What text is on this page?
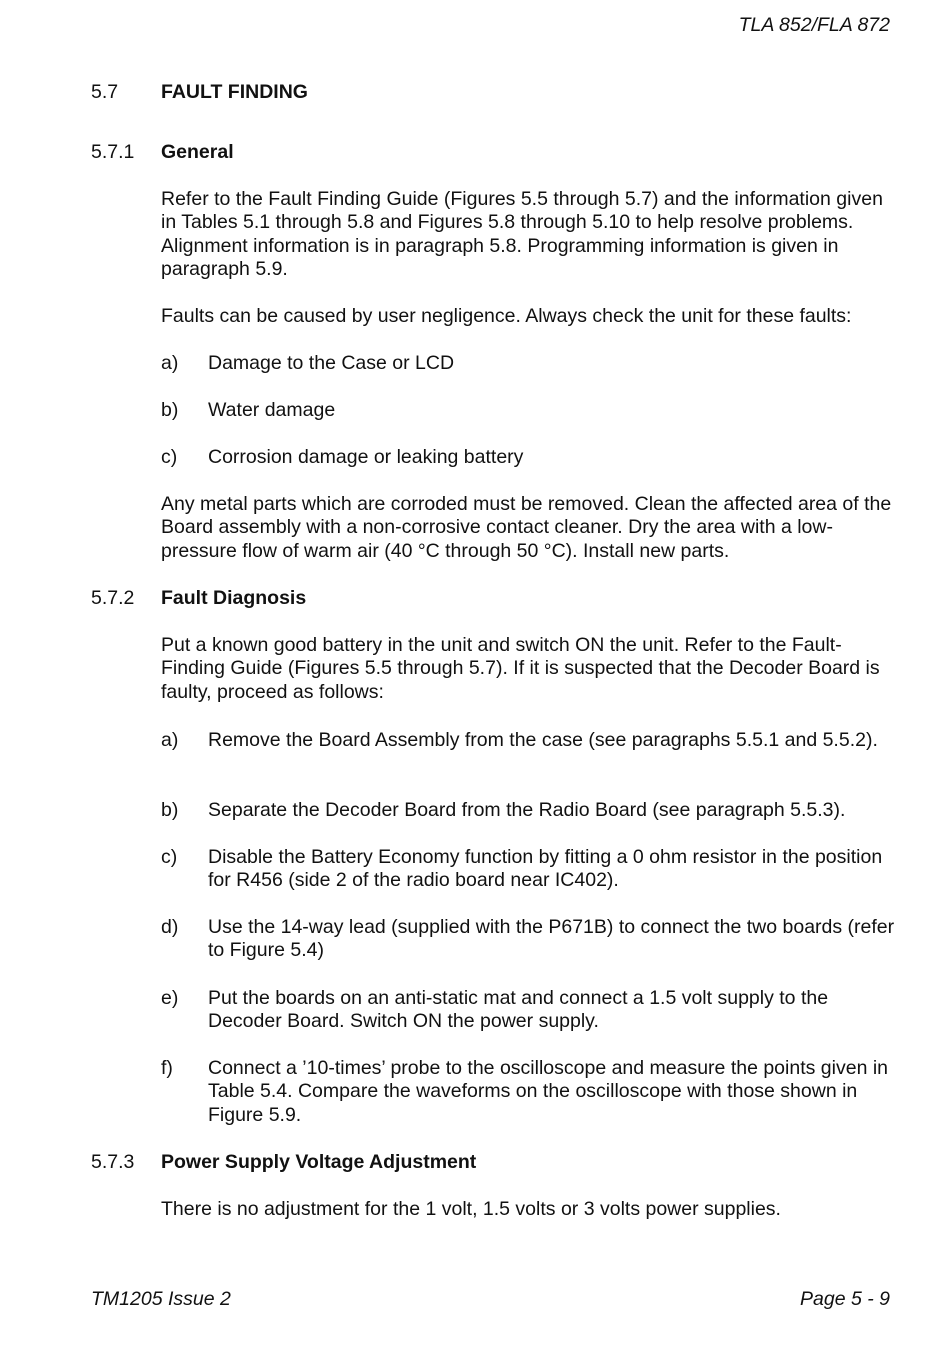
TLA 852/FLA 872
5.7 FAULT FINDING
5.7.1 General
Refer to the Fault Finding Guide (Figures 5.5 through 5.7) and the information given in Tables 5.1 through 5.8 and Figures 5.8 through 5.10 to help resolve problems. Alignment information is in paragraph 5.8. Programming information is given in paragraph 5.9.
Faults can be caused by user negligence. Always check the unit for these faults:
a) Damage to the Case or LCD
b) Water damage
c) Corrosion damage or leaking battery
Any metal parts which are corroded must be removed. Clean the affected area of the Board assembly with a non-corrosive contact cleaner. Dry the area with a low-pressure flow of warm air (40 °C through 50 °C). Install new parts.
5.7.2 Fault Diagnosis
Put a known good battery in the unit and switch ON the unit. Refer to the Fault-Finding Guide (Figures 5.5 through 5.7). If it is suspected that the Decoder Board is faulty, proceed as follows:
a) Remove the Board Assembly from the case (see paragraphs 5.5.1 and 5.5.2).
b) Separate the Decoder Board from the Radio Board (see paragraph 5.5.3).
c) Disable the Battery Economy function by fitting a 0 ohm resistor in the position for R456 (side 2 of the radio board near IC402).
d) Use the 14-way lead (supplied with the P671B) to connect the two boards (refer to Figure 5.4)
e) Put the boards on an anti-static mat and connect a 1.5 volt supply to the Decoder Board. Switch ON the power supply.
f) Connect a ’10-times’ probe to the oscilloscope and measure the points given in Table 5.4. Compare the waveforms on the oscilloscope with those shown in Figure 5.9.
5.7.3 Power Supply Voltage Adjustment
There is no adjustment for the 1 volt, 1.5 volts or 3 volts power supplies.
TM1205 Issue 2	Page 5 - 9
